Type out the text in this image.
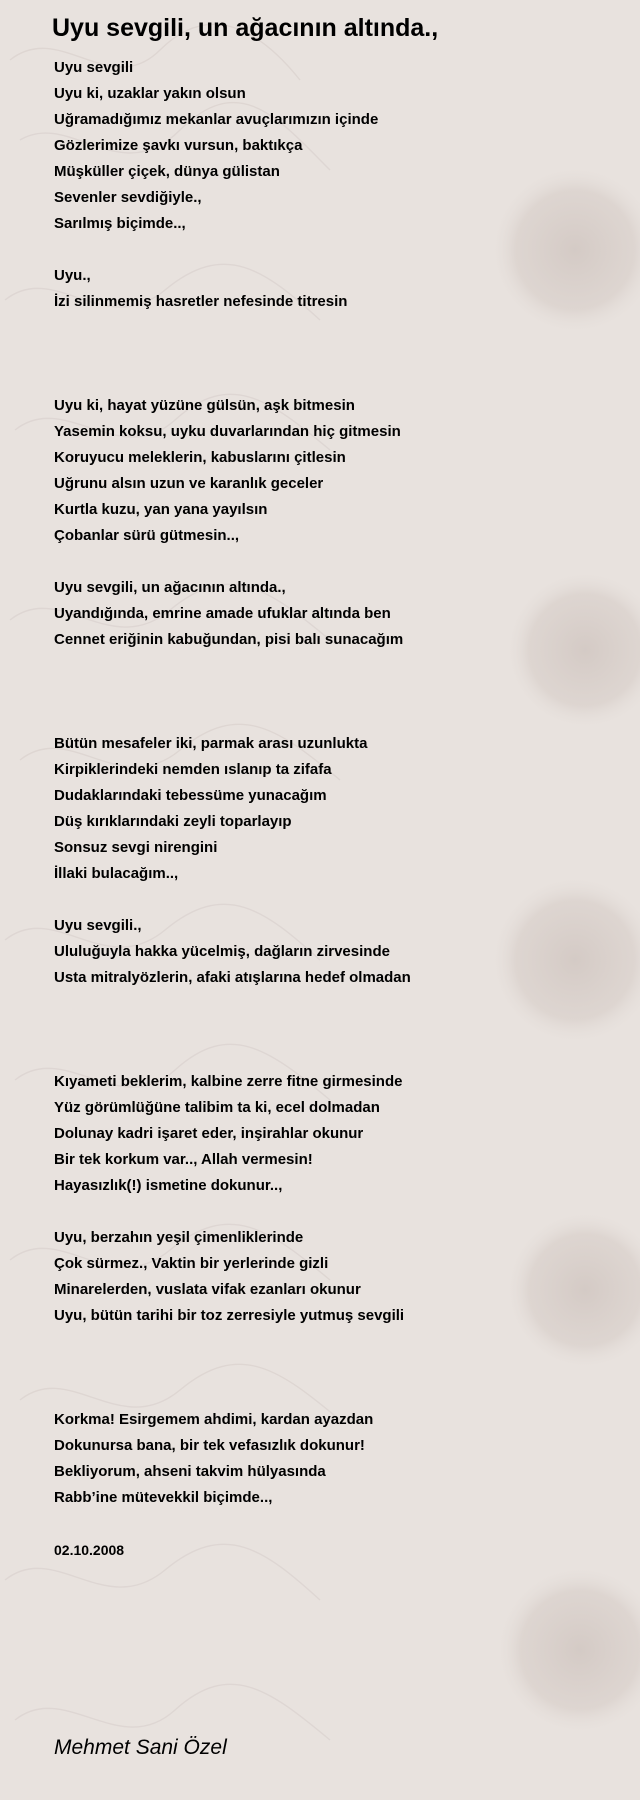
Uyu sevgili, un ağacının altında.,
Uyu sevgili
Uyu ki, uzaklar yakın olsun
Uğramadığımız mekanlar avuçlarımızın içinde
Gözlerimize şavkı vursun, baktıkça
Müşküller çiçek, dünya gülistan
Sevenler sevdiğiyle.,
Sarılmış biçimde..,
Uyu.,
İzi silinmemiş hasretler nefesinde titresin
Uyu ki, hayat yüzüne gülsün, aşk bitmesin
Yasemin koksu, uyku duvarlarından hiç gitmesin
Koruyucu meleklerin, kabuslarını çitlesin
Uğrunu alsın uzun ve karanlık geceler
Kurtla kuzu, yan yana yayılsın
Çobanlar sürü gütmesin..,
Uyu sevgili, un ağacının altında.,
Uyandığında, emrine amade ufuklar altında ben
Cennet eriğinin kabuğundan, pisi balı sunacağım
Bütün mesafeler iki, parmak arası uzunlukta
Kirpiklerindeki nemden ıslanıp ta zifafa
Dudaklarındaki tebessüme yunacağım
Düş kırıklarındaki zeyli toparlayıp
Sonsuz sevgi nirengini
İllaki bulacağım..,
Uyu sevgili.,
Ululuğuyla hakka yücelmiş, dağların zirvesinde
Usta mitralyözlerin, afaki atışlarına hedef olmadan
Kıyameti beklerim, kalbine zerre fitne girmesinde
Yüz görümlüğüne talibim ta ki, ecel dolmadan
Dolunay kadri işaret eder, inşirahlar okunur
Bir tek korkum var.., Allah vermesin!
Hayasızlık(!) ismetine dokunur..,
Uyu, berzahın yeşil çimenliklerinde
Çok sürmez., Vaktin bir yerlerinde gizli
Minarelerden, vuslata vifak ezanları okunur
Uyu, bütün tarihi bir toz zerresiyle yutmuş sevgili
Korkma! Esirgemem ahdimi, kardan ayazdan
Dokunursa bana, bir tek vefasızlık dokunur!
Bekliyorum, ahseni takvim hülyasında
Rabb’ine mütevekkil biçimde..,
02.10.2008
Mehmet Sani Özel
